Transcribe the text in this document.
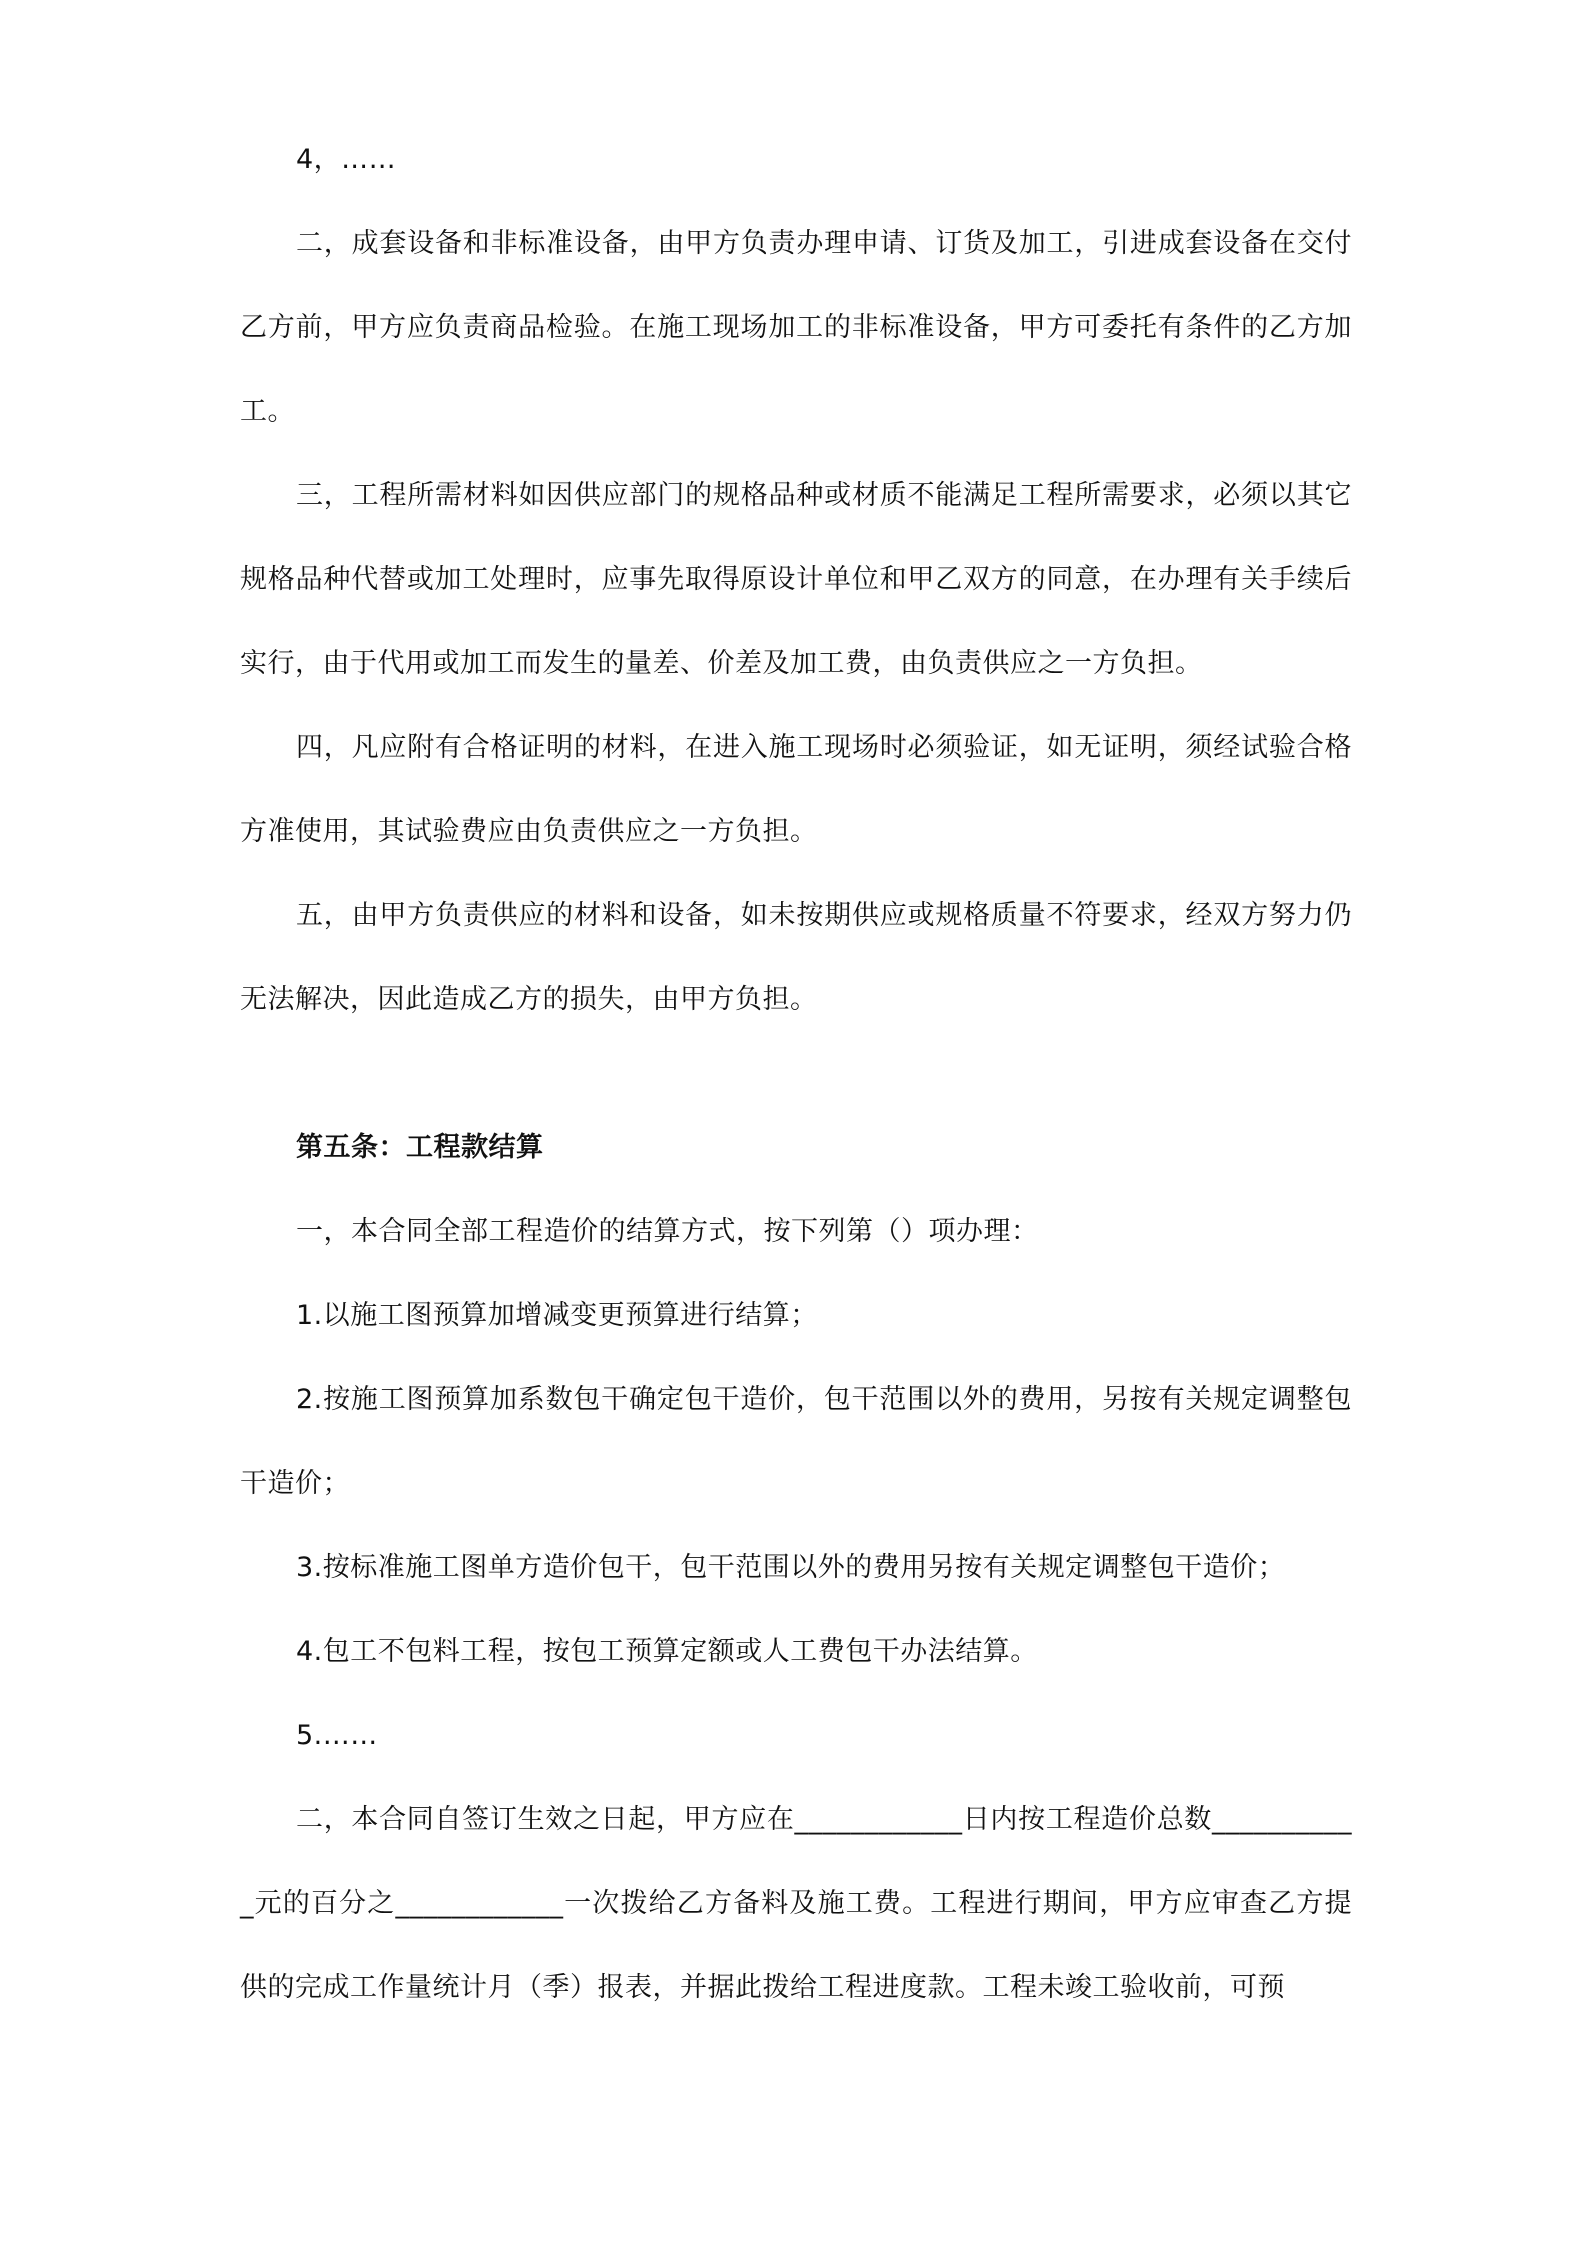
4，……

二，成套设备和非标准设备，由甲方负责办理申请、订货及加工，引进成套设备在交付乙方前，甲方应负责商品检验。在施工现场加工的非标准设备，甲方可委托有条件的乙方加工。

三，工程所需材料如因供应部门的规格品种或材质不能满足工程所需要求，必须以其它规格品种代替或加工处理时，应事先取得原设计单位和甲乙双方的同意，在办理有关手续后实行，由于代用或加工而发生的量差、价差及加工费，由负责供应之一方负担。

四，凡应附有合格证明的材料，在进入施工现场时必须验证，如无证明，须经试验合格方准使用，其试验费应由负责供应之一方负担。

五，由甲方负责供应的材料和设备，如未按期供应或规格质量不符要求，经双方努力仍无法解决，因此造成乙方的损失，由甲方负担。

第五条：工程款结算

一，本合同全部工程造价的结算方式，按下列第（）项办理：

1.以施工图预算加增减变更预算进行结算；

2.按施工图预算加系数包干确定包干造价，包干范围以外的费用，另按有关规定调整包干造价；

3.按标准施工图单方造价包干，包干范围以外的费用另按有关规定调整包干造价；

4.包工不包料工程，按包工预算定额或人工费包干办法结算。

5.……

二，本合同自签订生效之日起，甲方应在____________日内按工程造价总数___________元的百分之____________一次拨给乙方备料及施工费。工程进行期间，甲方应审查乙方提供的完成工作量统计月（季）报表，并据此拨给工程进度款。工程未竣工验收前，可预
